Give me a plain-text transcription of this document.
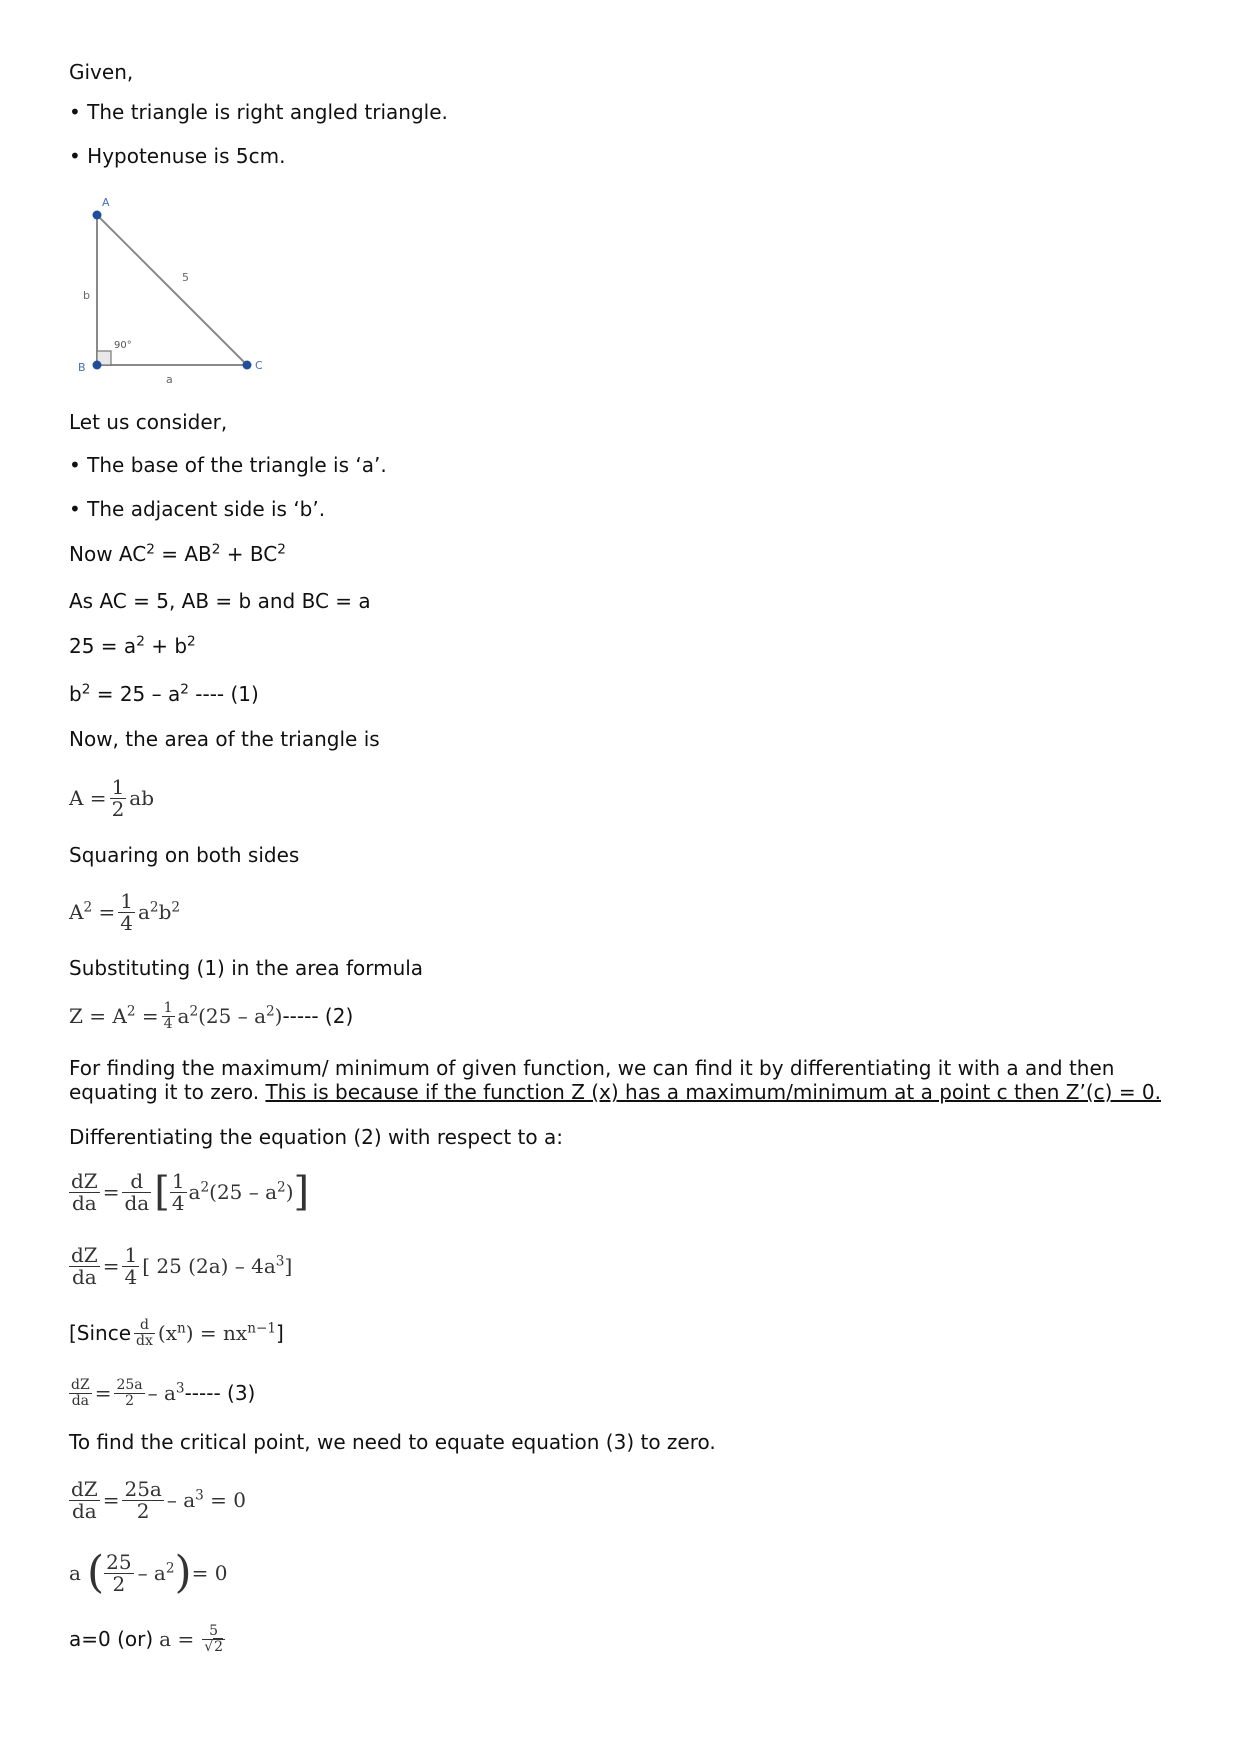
Given,
• The triangle is right angled triangle.
• Hypotenuse is 5cm.
A
B	C
b
a
5
90°
Let us consider,
• The base of the triangle is ‘a’.
• The adjacent side is ‘b’.
Now $AC^2 = AB^2 + BC^2$
As AC = 5, AB = b and BC = a
$25 = a^2 + b^2$
$b^2 = 25 - a^2$ ---- (1)
Now, the area of the triangle is
$A = \frac{1}{2}$ ab
Squaring on both sides
$A^2 = \frac{1}{4} a^2b^2$
Substituting (1) in the area formula
$Z = A^2 = \frac{1}{4} a^2(25 - a^2)$ ----- (2)
For finding the maximum/ minimum of given function, we can find it by differentiating it with a and then equating it to zero. This is because if the function Z (x) has a maximum/minimum at a point c then Z’(c) = 0.
Differentiating the equation (2) with respect to a:
$\frac{dZ}{da} = \frac{d}{da}$ [ $\frac{1}{4} a^2(25 - a^2)$ ]
$\frac{dZ}{da} = \frac{1}{4}$ [ 25 $(2a) - 4a^3$]
[Since $\frac{d}{dx} (x^n) = nx^{n-1}$ ]
$\frac{dZ}{da} = \frac{25a}{2} - a^3$ ----- (3)
To find the critical point, we need to equate equation (3) to zero.
$\frac{dZ}{da} = \frac{25a}{2} - a^3 = 0$
a ( $\frac{25}{2} - a^2$ ) = 0
a=0 (or) $a = \frac{5}{√2}$
